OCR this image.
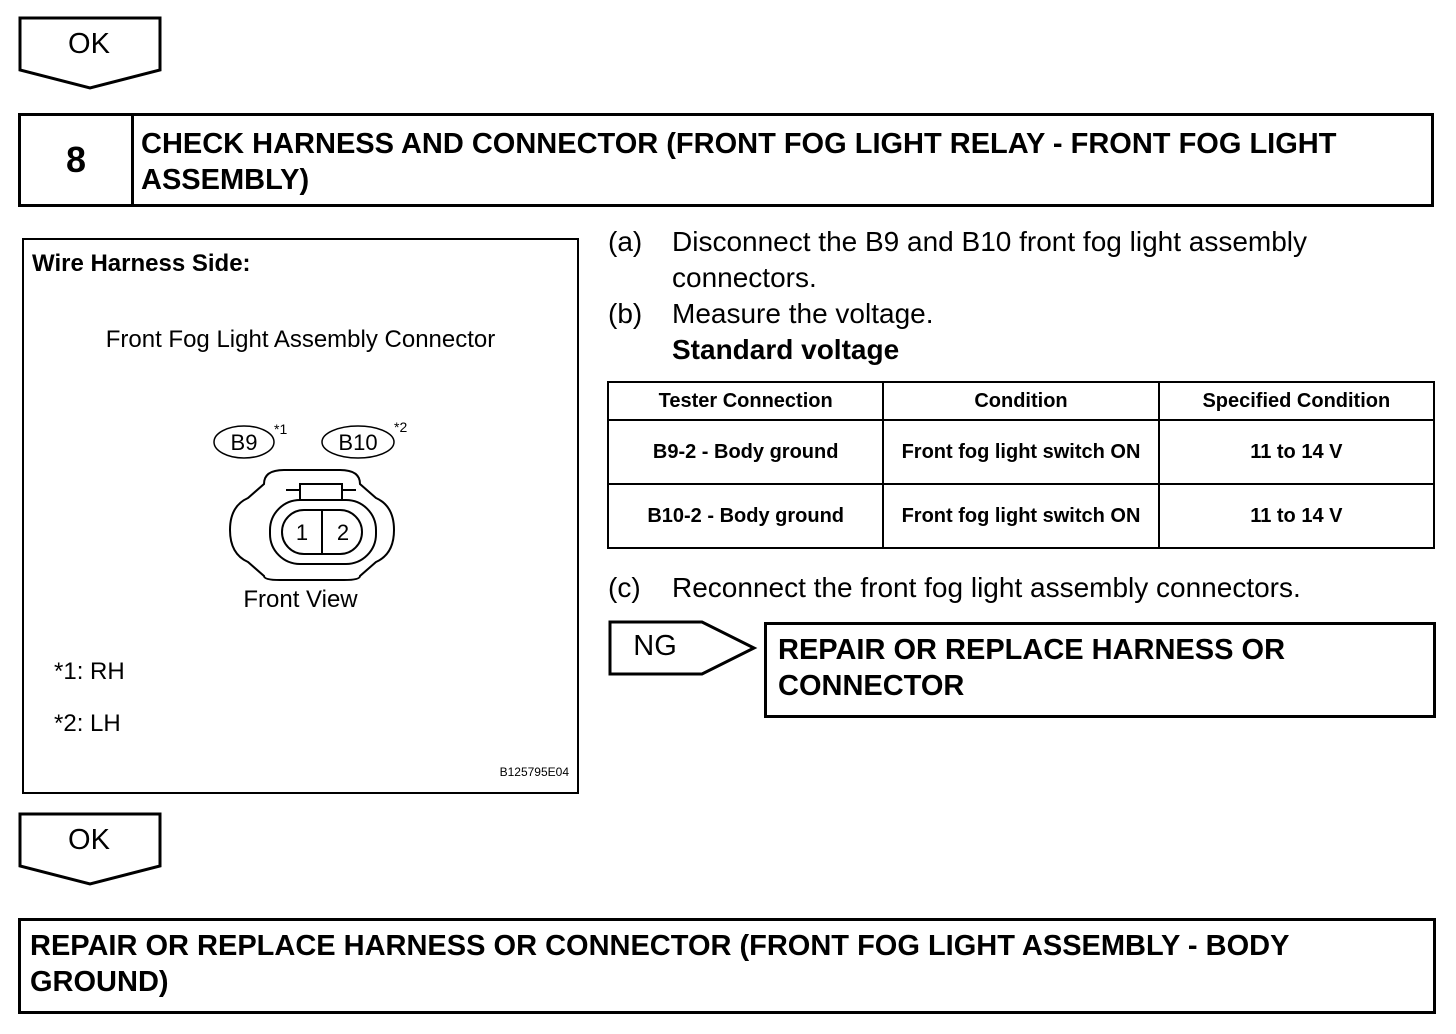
OK
8	CHECK HARNESS AND CONNECTOR (FRONT FOG LIGHT RELAY - FRONT FOG LIGHT ASSEMBLY)
Wire Harness Side:
Front Fog Light Assembly Connector
B9
*1
B10
*2
1 2
Front View
*1: RH
*2: LH
B125795E04
(a) Disconnect the B9 and B10 front fog light assembly connectors.
(b) Measure the voltage.
Standard voltage
Tester Connection	Condition	Specified Condition
B9-2 - Body ground	Front fog light switch ON	11 to 14 V
B10-2 - Body ground	Front fog light switch ON	11 to 14 V
(c) Reconnect the front fog light assembly connectors.
NG	REPAIR OR REPLACE HARNESS OR CONNECTOR
OK
REPAIR OR REPLACE HARNESS OR CONNECTOR (FRONT FOG LIGHT ASSEMBLY - BODY GROUND)
